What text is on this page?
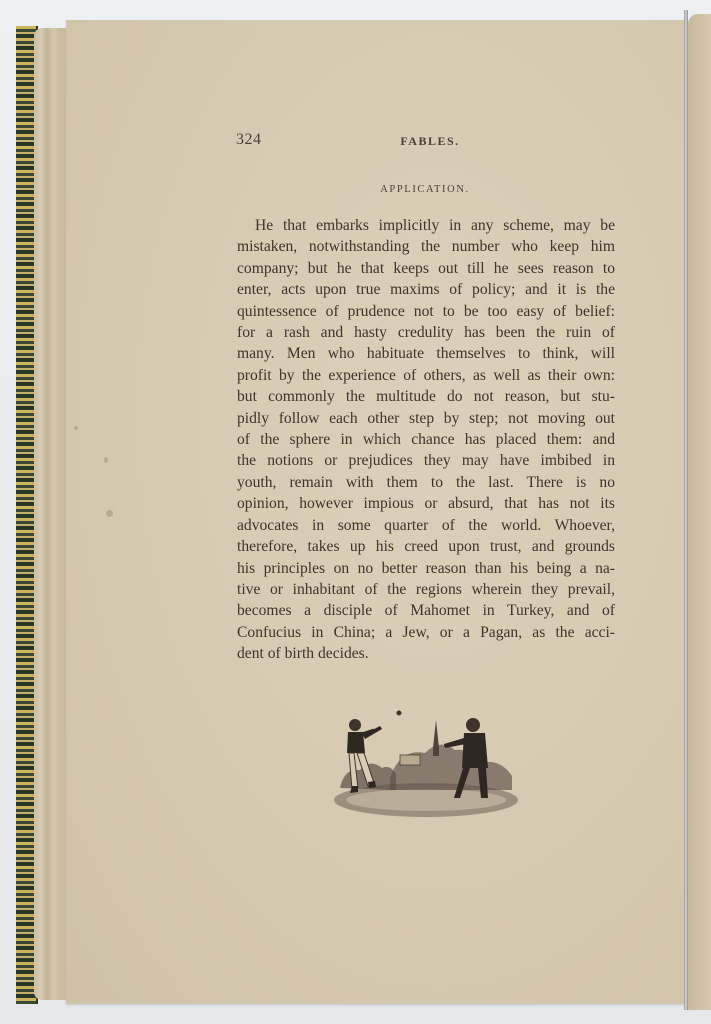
324	FABLES.
APPLICATION.
He that embarks implicitly in any scheme, may be
mistaken, notwithstanding the number who keep him
company; but he that keeps out till he sees reason to
enter, acts upon true maxims of policy; and it is the
quintessence of prudence not to be too easy of belief:
for a rash and hasty credulity has been the ruin of
many. Men who habituate themselves to think, will
profit by the experience of others, as well as their own:
but commonly the multitude do not reason, but stu-
pidly follow each other step by step; not moving out
of the sphere in which chance has placed them: and
the notions or prejudices they may have imbibed in
youth, remain with them to the last. There is no
opinion, however impious or absurd, that has not its
advocates in some quarter of the world. Whoever,
therefore, takes up his creed upon trust, and grounds
his principles on no better reason than his being a na-
tive or inhabitant of the regions wherein they prevail,
becomes a disciple of Mahomet in Turkey, and of
Confucius in China; a Jew, or a Pagan, as the acci-
dent of birth decides.
